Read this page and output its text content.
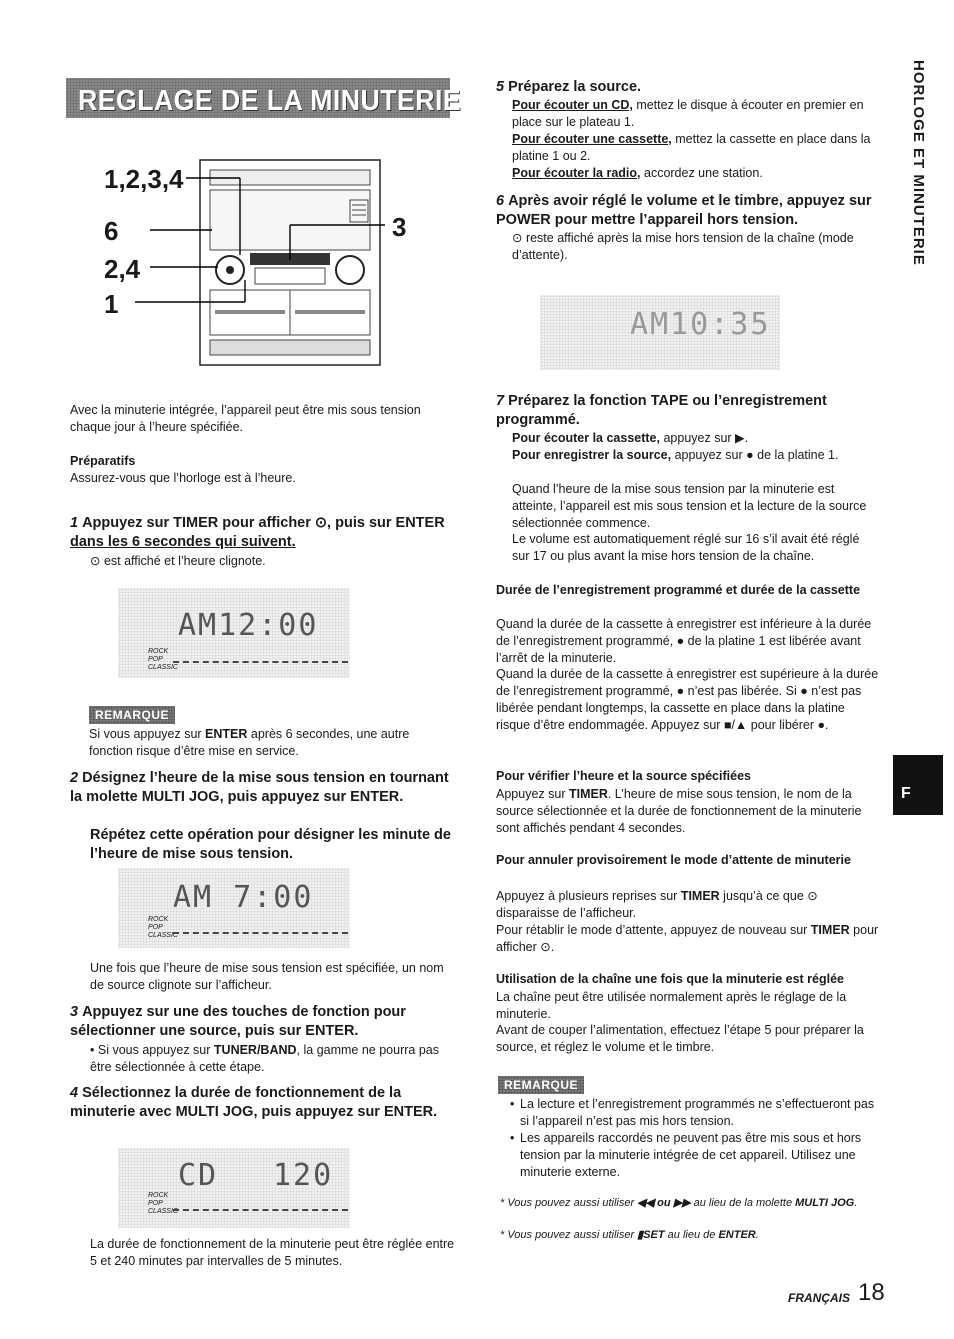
REGLAGE DE LA MINUTERIE
1,2,3,4
6
2,4
1
3
Avec la minuterie intégrée, l’appareil peut être mis sous tension chaque jour à l’heure spécifiée.
Préparatifs
Assurez-vous que l’horloge est à l’heure.
1 Appuyez sur TIMER pour afficher ⊙, puis sur ENTER dans les 6 secondes qui suivent.
⊙ est affiché et l’heure clignote.
AM12:00
ROCK
POP
CLASSIC
REMARQUE
Si vous appuyez sur ENTER après 6 secondes, une autre fonction risque d’être mise en service.
2 Désignez l’heure de la mise sous tension en tournant la molette MULTI JOG, puis appuyez sur ENTER.
Répétez cette opération pour désigner les minute de l’heure de mise sous tension.
AM 7:00
ROCK
POP
CLASSIC
Une fois que l’heure de mise sous tension est spécifiée, un nom de source clignote sur l’afficheur.
3 Appuyez sur une des touches de fonction pour sélectionner une source, puis sur ENTER.
• Si vous appuyez sur TUNER/BAND, la gamme ne pourra pas être sélectionnée à cette étape.
4 Sélectionnez la durée de fonctionnement de la minuterie avec MULTI JOG, puis appuyez sur ENTER.
CD 120
ROCK
POP
CLASSIC
La durée de fonctionnement de la minuterie peut être réglée entre 5 et 240 minutes par intervalles de 5 minutes.
5 Préparez la source.
Pour écouter un CD, mettez le disque à écouter en premier en place sur le plateau 1.
Pour écouter une cassette, mettez la cassette en place dans la platine 1 ou 2.
Pour écouter la radio, accordez une station.
6 Après avoir réglé le volume et le timbre, appuyez sur POWER pour mettre l’appareil hors tension.
⊙ reste affiché après la mise hors tension de la chaîne (mode d’attente).
AM10:35
7 Préparez la fonction TAPE ou l’enregistrement programmé.
Pour écouter la cassette, appuyez sur ▶.
Pour enregistrer la source, appuyez sur ● de la platine 1.
Quand l’heure de la mise sous tension par la minuterie est atteinte, l’appareil est mis sous tension et la lecture de la source sélectionnée commence.
Le volume est automatiquement réglé sur 16 s’il avait été réglé sur 17 ou plus avant la mise hors tension de la chaîne.
Durée de l’enregistrement programmé et durée de la cassette
Quand la durée de la cassette à enregistrer est inférieure à la durée de l’enregistrement programmé, ● de la platine 1 est libérée avant l’arrêt de la minuterie.
Quand la durée de la cassette à enregistrer est supérieure à la durée de l’enregistrement programmé, ● n’est pas libérée. Si ● n’est pas libérée pendant longtemps, la cassette en place dans la platine risque d’être endommagée. Appuyez sur ■/▲ pour libérer ●.
Pour vérifier l’heure et la source spécifiées
Appuyez sur TIMER. L’heure de mise sous tension, le nom de la source sélectionnée et la durée de fonctionnement de la minuterie sont affichés pendant 4 secondes.
Pour annuler provisoirement le mode d’attente de minuterie
Appuyez à plusieurs reprises sur TIMER jusqu’à ce que ⊙ disparaisse de l’afficheur.
Pour rétablir le mode d’attente, appuyez de nouveau sur TIMER pour afficher ⊙.
Utilisation de la chaîne une fois que la minuterie est réglée
La chaîne peut être utilisée normalement après le réglage de la minuterie.
Avant de couper l’alimentation, effectuez l’étape 5 pour préparer la source, et réglez le volume et le timbre.
REMARQUE
• La lecture et l’enregistrement programmés ne s’effectueront pas si l’appareil n’est pas mis hors tension.
• Les appareils raccordés ne peuvent pas être mis sous et hors tension par la minuterie intégrée de cet appareil. Utilisez une minuterie externe.
* Vous pouvez aussi utiliser ◀◀ ou ▶▶ au lieu de la molette MULTI JOG.
* Vous pouvez aussi utiliser ▮SET au lieu de ENTER.
HORLOGE ET MINUTERIE
F
FRANÇAIS 18
